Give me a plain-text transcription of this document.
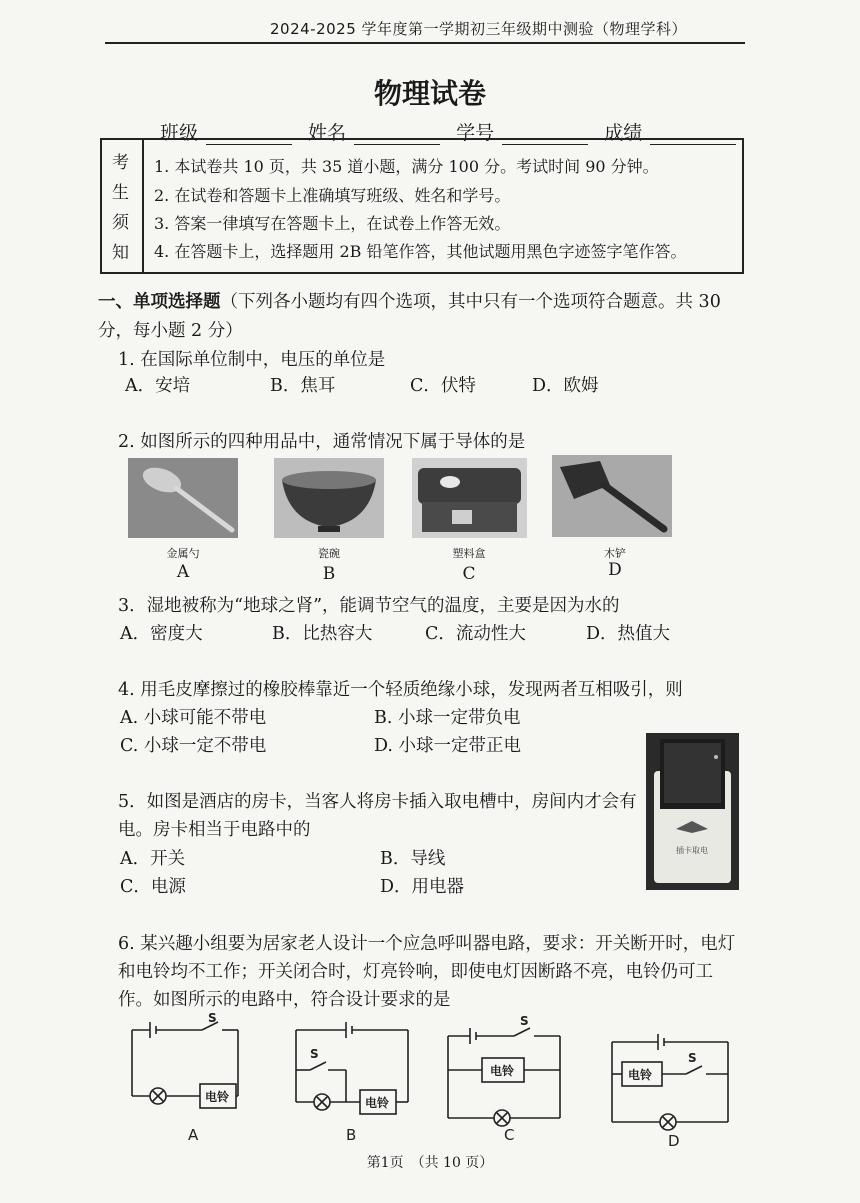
2024-2025 学年度第一学期初三年级期中测验（物理学科）
物理试卷
班级	姓名	学号	成绩
考
生
须
知
1. 本试卷共 10 页，共 35 道小题，满分 100 分。考试时间 90 分钟。
2. 在试卷和答题卡上准确填写班级、姓名和学号。
3. 答案一律填写在答题卡上，在试卷上作答无效。
4. 在答题卡上，选择题用 2B 铅笔作答，其他试题用黑色字迹签字笔作答。
一、单项选择题（下列各小题均有四个选项，其中只有一个选项符合题意。共 30
分，每小题 2 分）
1. 在国际单位制中，电压的单位是
A．安培	B．焦耳	C．伏特	D．欧姆
2. 如图所示的四种用品中，通常情况下属于导体的是
金属勺	瓷碗	塑料盒	木铲
A	B	C	D
3．湿地被称为“地球之肾”，能调节空气的温度，主要是因为水的
A．密度大	B．比热容大	C．流动性大	D．热值大
4. 用毛皮摩擦过的橡胶棒靠近一个轻质绝缘小球，发现两者互相吸引，则
A. 小球可能不带电	B. 小球一定带负电
C. 小球一定不带电	D. 小球一定带正电
插卡取电
5．如图是酒店的房卡，当客人将房卡插入取电槽中，房间内才会有
电。房卡相当于电路中的
A．开关	B．导线
C．电源	D．用电器
6. 某兴趣小组要为居家老人设计一个应急呼叫器电路，要求：开关断开时，电灯
和电铃均不工作；开关闭合时，灯亮铃响，即使电灯因断路不亮，电铃仍可工
作。如图所示的电路中，符合设计要求的是
S
电铃
S
电铃
S
电铃
S
电铃
A	B	C	D
第1页　（共 10 页）
